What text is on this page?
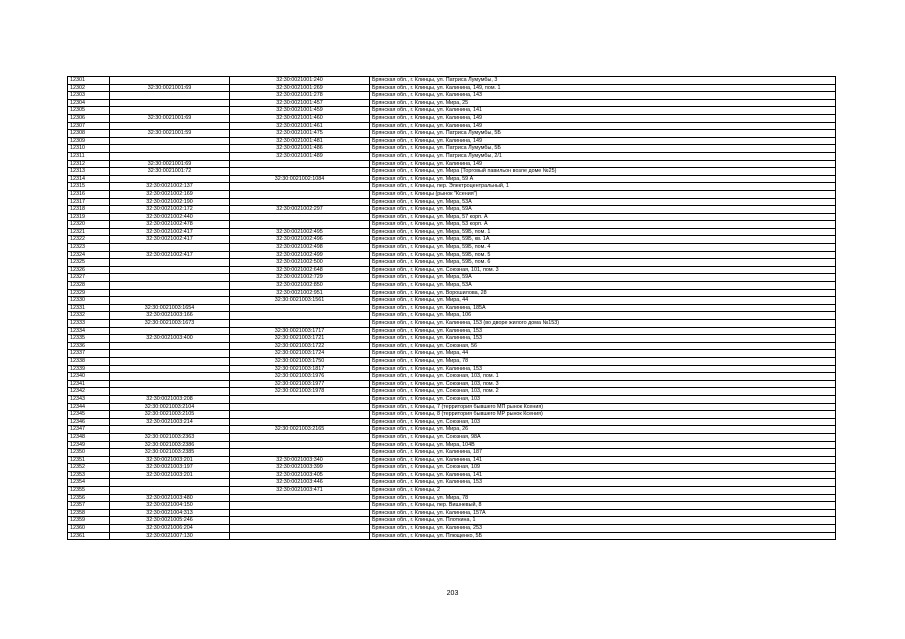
12301		32:30:0021001:240	Брянская обл., г. Клинцы, ул. Патриса Лумумбы, 3
12302	32:30:0021001:69	32:30:0021001:269	Брянская обл., г. Клинцы, ул. Калинина, 149, пом. 1
12303		32:30:0021001:278	Брянская обл., г. Клинцы, ул. Калинина, 143
12304		32:30:0021001:457	Брянская обл., г. Клинцы, ул. Мира, 25
12305		32:30:0021001:459	Брянская обл., г. Клинцы, ул. Калинина, 141
12306	32:30:0021001:69	32:30:0021001:460	Брянская обл., г. Клинцы, ул. Калинина, 149
12307		32:30:0021001:461	Брянская обл., г. Клинцы, ул. Калинина, 149
12308	32:30:0021001:59	32:30:0021001:475	Брянская обл., г. Клинцы, ул. Патриса Лумумбы, 5Б
12309		32:30:0021001:481	Брянская обл., г. Клинцы, ул. Калинина, 149
12310		32:30:0021001:486	Брянская обл., г. Клинцы, ул. Патриса Лумумбы, 5Б
12311		32:30:0021001:489	Брянская обл., г. Клинцы, ул. Патриса Лумумбы, 2/1
12312	32:30:0021001:69		Брянская обл., г. Клинцы, ул. Калинина, 149
12313	32:30:0021001:72		Брянская обл., г. Клинцы, ул. Мира (Торговый павильон возле доме №25)
12314		32:30:0021002:1084	Брянская обл., г. Клинцы, ул. Мира, 59 А
12315	32:30:0021002:137		Брянская обл., г. Клинцы, пер. Электроцентральный, 1
12316	32:30:0021002:169		Брянская обл., г. Клинцы (рынок "Ксения")
12317	32:30:0021002:190		Брянская обл., г. Клинцы, ул. Мира, 53А
12318	32:30:0021002:172	32:30:0021002:297	Брянская обл., г. Клинцы, ул. Мира, 59А
12319	32:30:0021002:440		Брянская обл., г. Клинцы, ул. Мира, 57 корп. А
12320	32:30:0021002:478		Брянская обл., г. Клинцы, ул. Мира, 53 корп. А
12321	32:30:0021002:417	32:30:0021002:495	Брянская обл., г. Клинцы, ул. Мира, 59Б, пом. 1
12322	32:30:0021002:417	32:30:0021002:496	Брянская обл., г. Клинцы, ул. Мира, 59Б, кв. 1А
12323		32:30:0021002:498	Брянская обл., г. Клинцы, ул. Мира, 59Б, пом. 4
12324	32:30:0021002:417	32:30:0021002:499	Брянская обл., г. Клинцы, ул. Мира, 59Б, пом. 5
12325		32:30:0021002:500	Брянская обл., г. Клинцы, ул. Мира, 59Б, пом. 6
12326		32:30:0021002:648	Брянская обл., г. Клинцы, ул. Союзная, 101, пом. 3
12327		32:30:0021002:729	Брянская обл., г. Клинцы, ул. Мира, 59А
12328		32:30:0021002:850	Брянская обл., г. Клинцы, ул. Мира, 53А
12329		32:30:0021002:951	Брянская обл., г. Клинцы, ул. Ворошилова, 28
12330		32:30:0021003:1561	Брянская обл., г. Клинцы, ул. Мира, 44
12331	32:30:0021003:1654		Брянская обл., г. Клинцы, ул. Калинина, 185А
12332	32:30:0021003:166		Брянская обл., г. Клинцы, ул. Мира, 106
12333	32:30:0021003:1673		Брянская обл., г. Клинцы, ул. Калинина, 153 (во дворе жилого дома №153)
12334		32:30:0021003:1717	Брянская обл., г. Клинцы, ул. Калинина, 153
12335	32:30:0021003:400	32:30:0021003:1721	Брянская обл., г. Клинцы, ул. Калинина, 153
12336		32:30:0021003:1722	Брянская обл., г. Клинцы, ул. Союзная, 56
12337		32:30:0021003:1724	Брянская обл., г. Клинцы, ул. Мира, 44
12338		32:30:0021003:1750	Брянская обл., г. Клинцы, ул. Мира, 78
12339		32:30:0021003:1817	Брянская обл., г. Клинцы, ул. Калинина, 153
12340		32:30:0021003:1976	Брянская обл., г. Клинцы, ул. Союзная, 103, пом. 1
12341		32:30:0021003:1977	Брянская обл., г. Клинцы, ул. Союзная, 103, пом. 3
12342		32:30:0021003:1978	Брянская обл., г. Клинцы, ул. Союзная, 103, пом. 2
12343	32:30:0021003:208		Брянская обл., г. Клинцы, ул. Союзная, 103
12344	32:30:0021003:2104		Брянская обл., г. Клинцы, 7 (территория бывшего МП рынок Ксения)
12345	32:30:0021003:2105		Брянская обл., г. Клинцы, 8 (территория бывшего МР рынок Ксения)
12346	32:30:0021003:214		Брянская обл., г. Клинцы, ул. Союзная, 103
12347		32:30:0021003:2165	Брянская обл., г. Клинцы, ул. Мира, 26
12348	32:30:0021003:2363		Брянская обл., г. Клинцы, ул. Союзная, 98А
12349	32:30:0021003:2386		Брянская обл., г. Клинцы, ул. Мира, 104В
12350	32:30:0021003:2385		Брянская обл., г. Клинцы, ул. Калинина, 187
12351	32:30:0021003:201	32:30:0021003:340	Брянская обл., г. Клинцы, ул. Калинина, 141
12352	32:30:0021003:197	32:30:0021003:399	Брянская обл., г. Клинцы, ул. Союзная, 109
12353	32:30:0021003:201	32:30:0021003:405	Брянская обл., г. Клинцы, ул. Калинина, 141
12354		32:30:0021003:446	Брянская обл., г. Клинцы, ул. Калинина, 153
12355		32:30:0021003:471	Брянская обл., г. Клинцы, 2
12356	32:30:0021003:480		Брянская обл., г. Клинцы, ул. Мира, 78
12357	32:30:0021004:150		Брянская обл., г. Клинцы, пер. Вишневый, 8
12358	32:30:0021004:313		Брянская обл., г. Клинцы, ул. Калинина, 157А
12359	32:30:0021005:246		Брянская обл., г. Клинцы, ул. Плоткина, 1
12360	32:30:0021006:204		Брянская обл., г. Клинцы, ул. Калинина, 253
12361	32:30:0021007:130		Брянская обл., г. Клинцы, ул. Плющенко, 5Б
203
